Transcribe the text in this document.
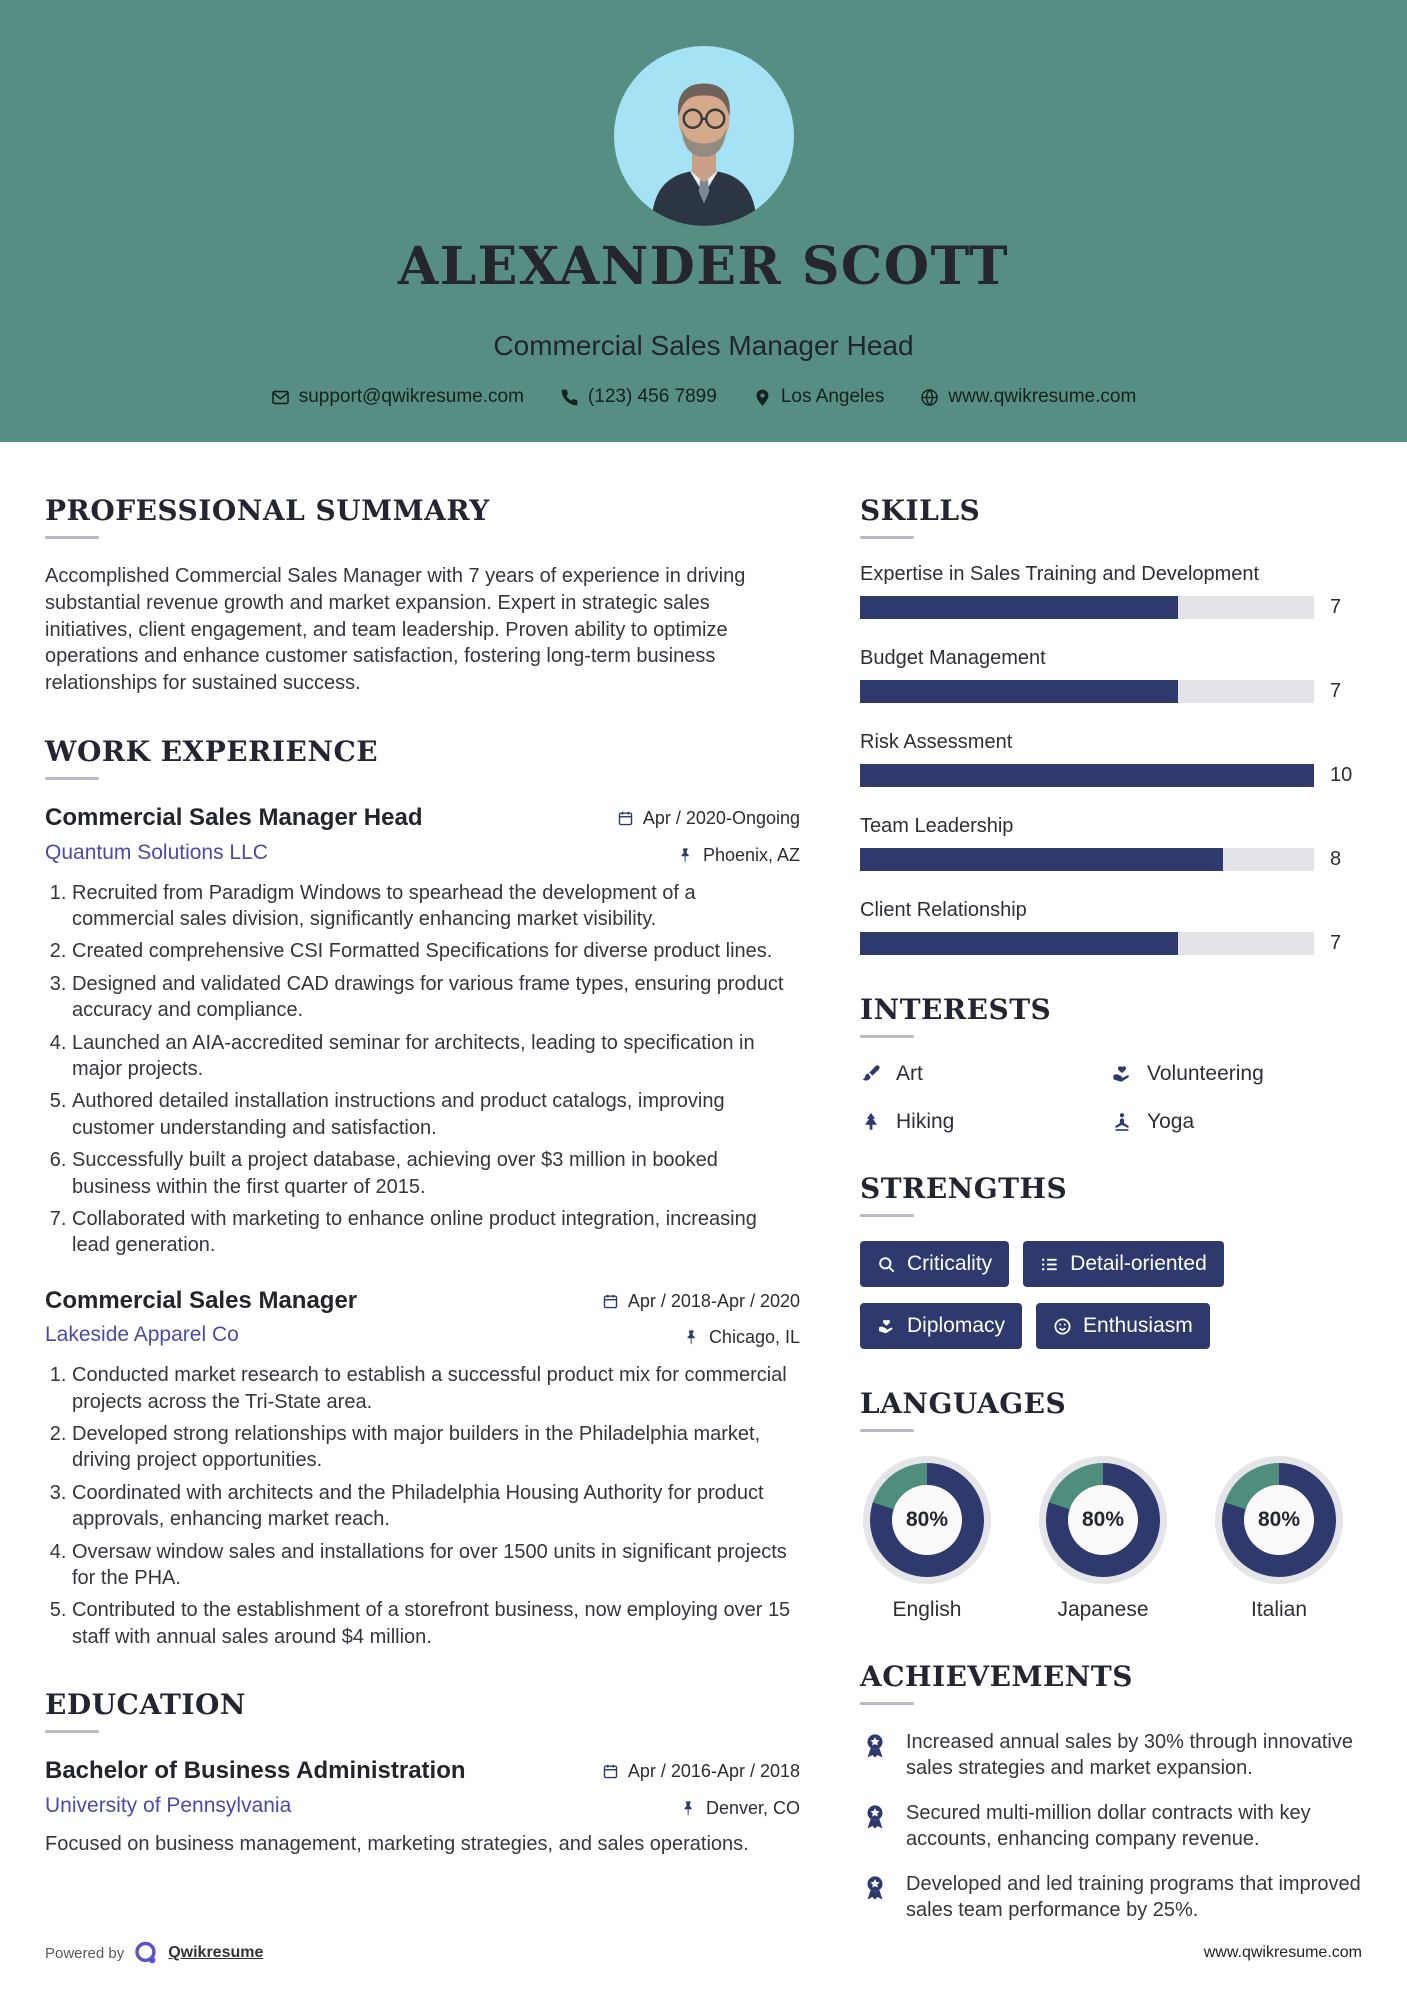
ALEXANDER SCOTT
Commercial Sales Manager Head
support@qwikresume.com	(123) 456 7899	Los Angeles	www.qwikresume.com
PROFESSIONAL SUMMARY

Accomplished Commercial Sales Manager with 7 years of experience in driving substantial revenue growth and market expansion. Expert in strategic sales initiatives, client engagement, and team leadership. Proven ability to optimize operations and enhance customer satisfaction, fostering long-term business relationships for sustained success.

WORK EXPERIENCE
Commercial Sales Manager Head	Apr / 2020-Ongoing
Quantum Solutions LLC	Phoenix, AZ
1. Recruited from Paradigm Windows to spearhead the development of a commercial sales division, significantly enhancing market visibility.
2. Created comprehensive CSI Formatted Specifications for diverse product lines.
3. Designed and validated CAD drawings for various frame types, ensuring product accuracy and compliance.
4. Launched an AIA-accredited seminar for architects, leading to specification in major projects.
5. Authored detailed installation instructions and product catalogs, improving customer understanding and satisfaction.
6. Successfully built a project database, achieving over $3 million in booked business within the first quarter of 2015.
7. Collaborated with marketing to enhance online product integration, increasing lead generation.
Commercial Sales Manager	Apr / 2018-Apr / 2020
Lakeside Apparel Co	Chicago, IL
1. Conducted market research to establish a successful product mix for commercial projects across the Tri-State area.
2. Developed strong relationships with major builders in the Philadelphia market, driving project opportunities.
3. Coordinated with architects and the Philadelphia Housing Authority for product approvals, enhancing market reach.
4. Oversaw window sales and installations for over 1500 units in significant projects for the PHA.
5. Contributed to the establishment of a storefront business, now employing over 15 staff with annual sales around $4 million.
EDUCATION
Bachelor of Business Administration	Apr / 2016-Apr / 2018
University of Pennsylvania	Denver, CO

Focused on business management, marketing strategies, and sales operations.

SKILLS
Expertise in Sales Training and Development
7
Budget Management
7
Risk Assessment
10
Team Leadership
8
Client Relationship
7
INTERESTS
Art	Volunteering
Hiking	Yoga
STRENGTHS
Criticality	Detail-oriented
Diplomacy	Enthusiasm
LANGUAGES
80%
English
80%
Japanese
80%
Italian
ACHIEVEMENTS
Increased annual sales by 30% through innovative sales strategies and market expansion.
Secured multi-million dollar contracts with key accounts, enhancing company revenue.
Developed and led training programs that improved sales team performance by 25%.
Powered by	Qwikresume	www.qwikresume.com
